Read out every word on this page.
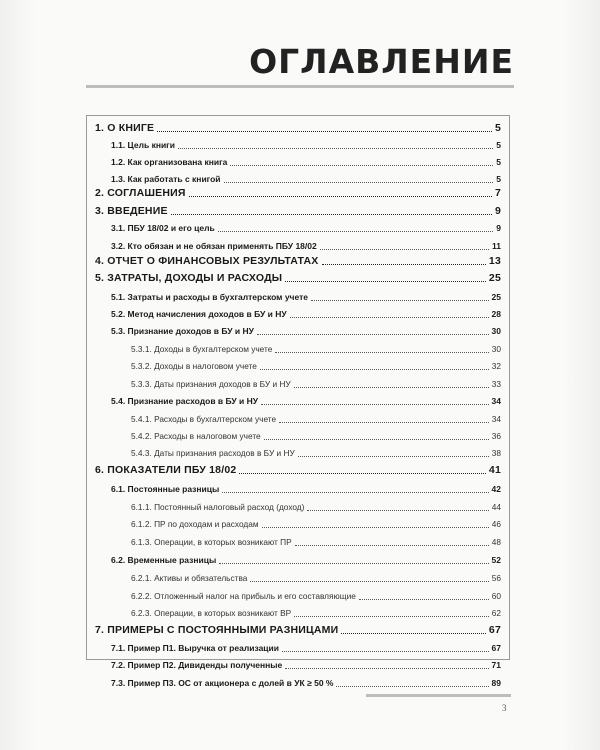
ОГЛАВЛЕНИЕ
1. О КНИГЕ	5
1.1. Цель книги	5
1.2. Как организована книга	5
1.3. Как работать с книгой	5
2. СОГЛАШЕНИЯ	7
3. ВВЕДЕНИЕ	9
3.1. ПБУ 18/02 и его цель	9
3.2. Кто обязан и не обязан применять ПБУ 18/02	11
4. ОТЧЕТ О ФИНАНСОВЫХ РЕЗУЛЬТАТАХ	13
5. ЗАТРАТЫ, ДОХОДЫ И РАСХОДЫ	25
5.1. Затраты и расходы в бухгалтерском учете	25
5.2. Метод начисления доходов в БУ и НУ	28
5.3. Признание доходов в БУ и НУ	30
5.3.1. Доходы в бухгалтерском учете	30
5.3.2. Доходы в налоговом учете	32
5.3.3. Даты признания доходов в БУ и НУ	33
5.4. Признание расходов в БУ и НУ	34
5.4.1. Расходы в бухгалтерском учете	34
5.4.2. Расходы в налоговом учете	36
5.4.3. Даты признания расходов в БУ и НУ	38
6. ПОКАЗАТЕЛИ ПБУ 18/02	41
6.1. Постоянные разницы	42
6.1.1. Постоянный налоговый расход (доход)	44
6.1.2. ПР по доходам и расходам	46
6.1.3. Операции, в которых возникают ПР	48
6.2. Временные разницы	52
6.2.1. Активы и обязательства	56
6.2.2. Отложенный налог на прибыль и его составляющие	60
6.2.3. Операции, в которых возникают ВР	62
7. ПРИМЕРЫ С ПОСТОЯННЫМИ РАЗНИЦАМИ	67
7.1. Пример П1. Выручка от реализации	67
7.2. Пример П2. Дивиденды полученные	71
7.3. Пример П3. ОС от акционера с долей в УК ≥ 50 %	89
3
